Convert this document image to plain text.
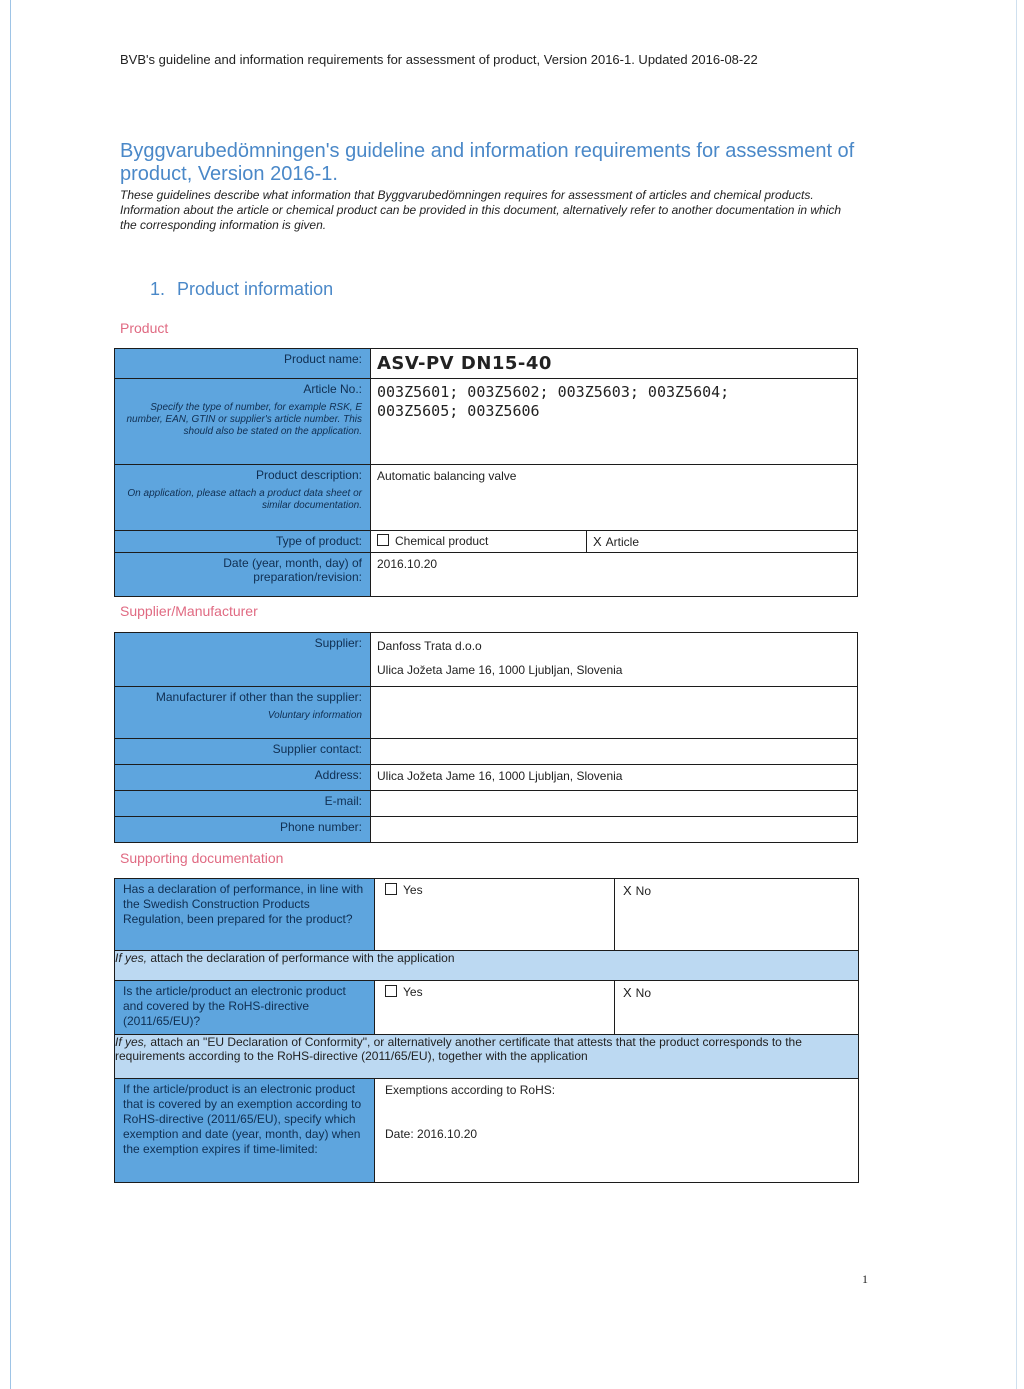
BVB's guideline and information requirements for assessment of product, Version 2016-1. Updated 2016-08-22
Byggvarubedömningen's guideline and information requirements for assessment of product, Version 2016-1.
These guidelines describe what information that Byggvarubedömningen requires for assessment of articles and chemical products. Information about the article or chemical product can be provided in this document, alternatively refer to another documentation in which the corresponding information is given.
1. Product information
Product
Product name:	ASV-PV DN15-40
Article No.:
Specify the type of number, for example RSK, E number, EAN, GTIN or supplier's article number. This should also be stated on the application.

003Z5601; 003Z5602; 003Z5603; 003Z5604;
003Z5605; 003Z5606

Product description:
On application, please attach a product data sheet or similar documentation.
	Automatic balancing valve
Type of product:		Chemical product	X Article

Date (year, month, day) of preparation/revision:	2016.10.20
Supplier/Manufacturer
Supplier:	Danfoss Trata d.o.o
Ulica Jožeta Jame 16, 1000 Ljubljan, Slovenia

Manufacturer if other than the supplier:
Voluntary information	

Supplier contact:	
Address:	Ulica Jožeta Jame 16, 1000 Ljubljan, Slovenia
E-mail:	
Phone number:	
Supporting documentation
Has a declaration of performance, in line with the Swedish Construction Products Regulation, been prepared for the product?	Yes	X No
If yes, attach the declaration of performance with the application		
Is the article/product an electronic product and covered by the RoHS-directive (2011/65/EU)?	Yes	X No
If yes, attach an "EU Declaration of Conformity", or alternatively another certificate that attests that the product corresponds to the requirements according to the RoHS-directive (2011/65/EU), together with the application		
If the article/product is an electronic product that is covered by an exemption according to RoHS-directive (2011/65/EU), specify which exemption and date (year, month, day) when the exemption expires if time-limited:	Exemptions according to RoHS:
Date: 2016.10.20	
1
